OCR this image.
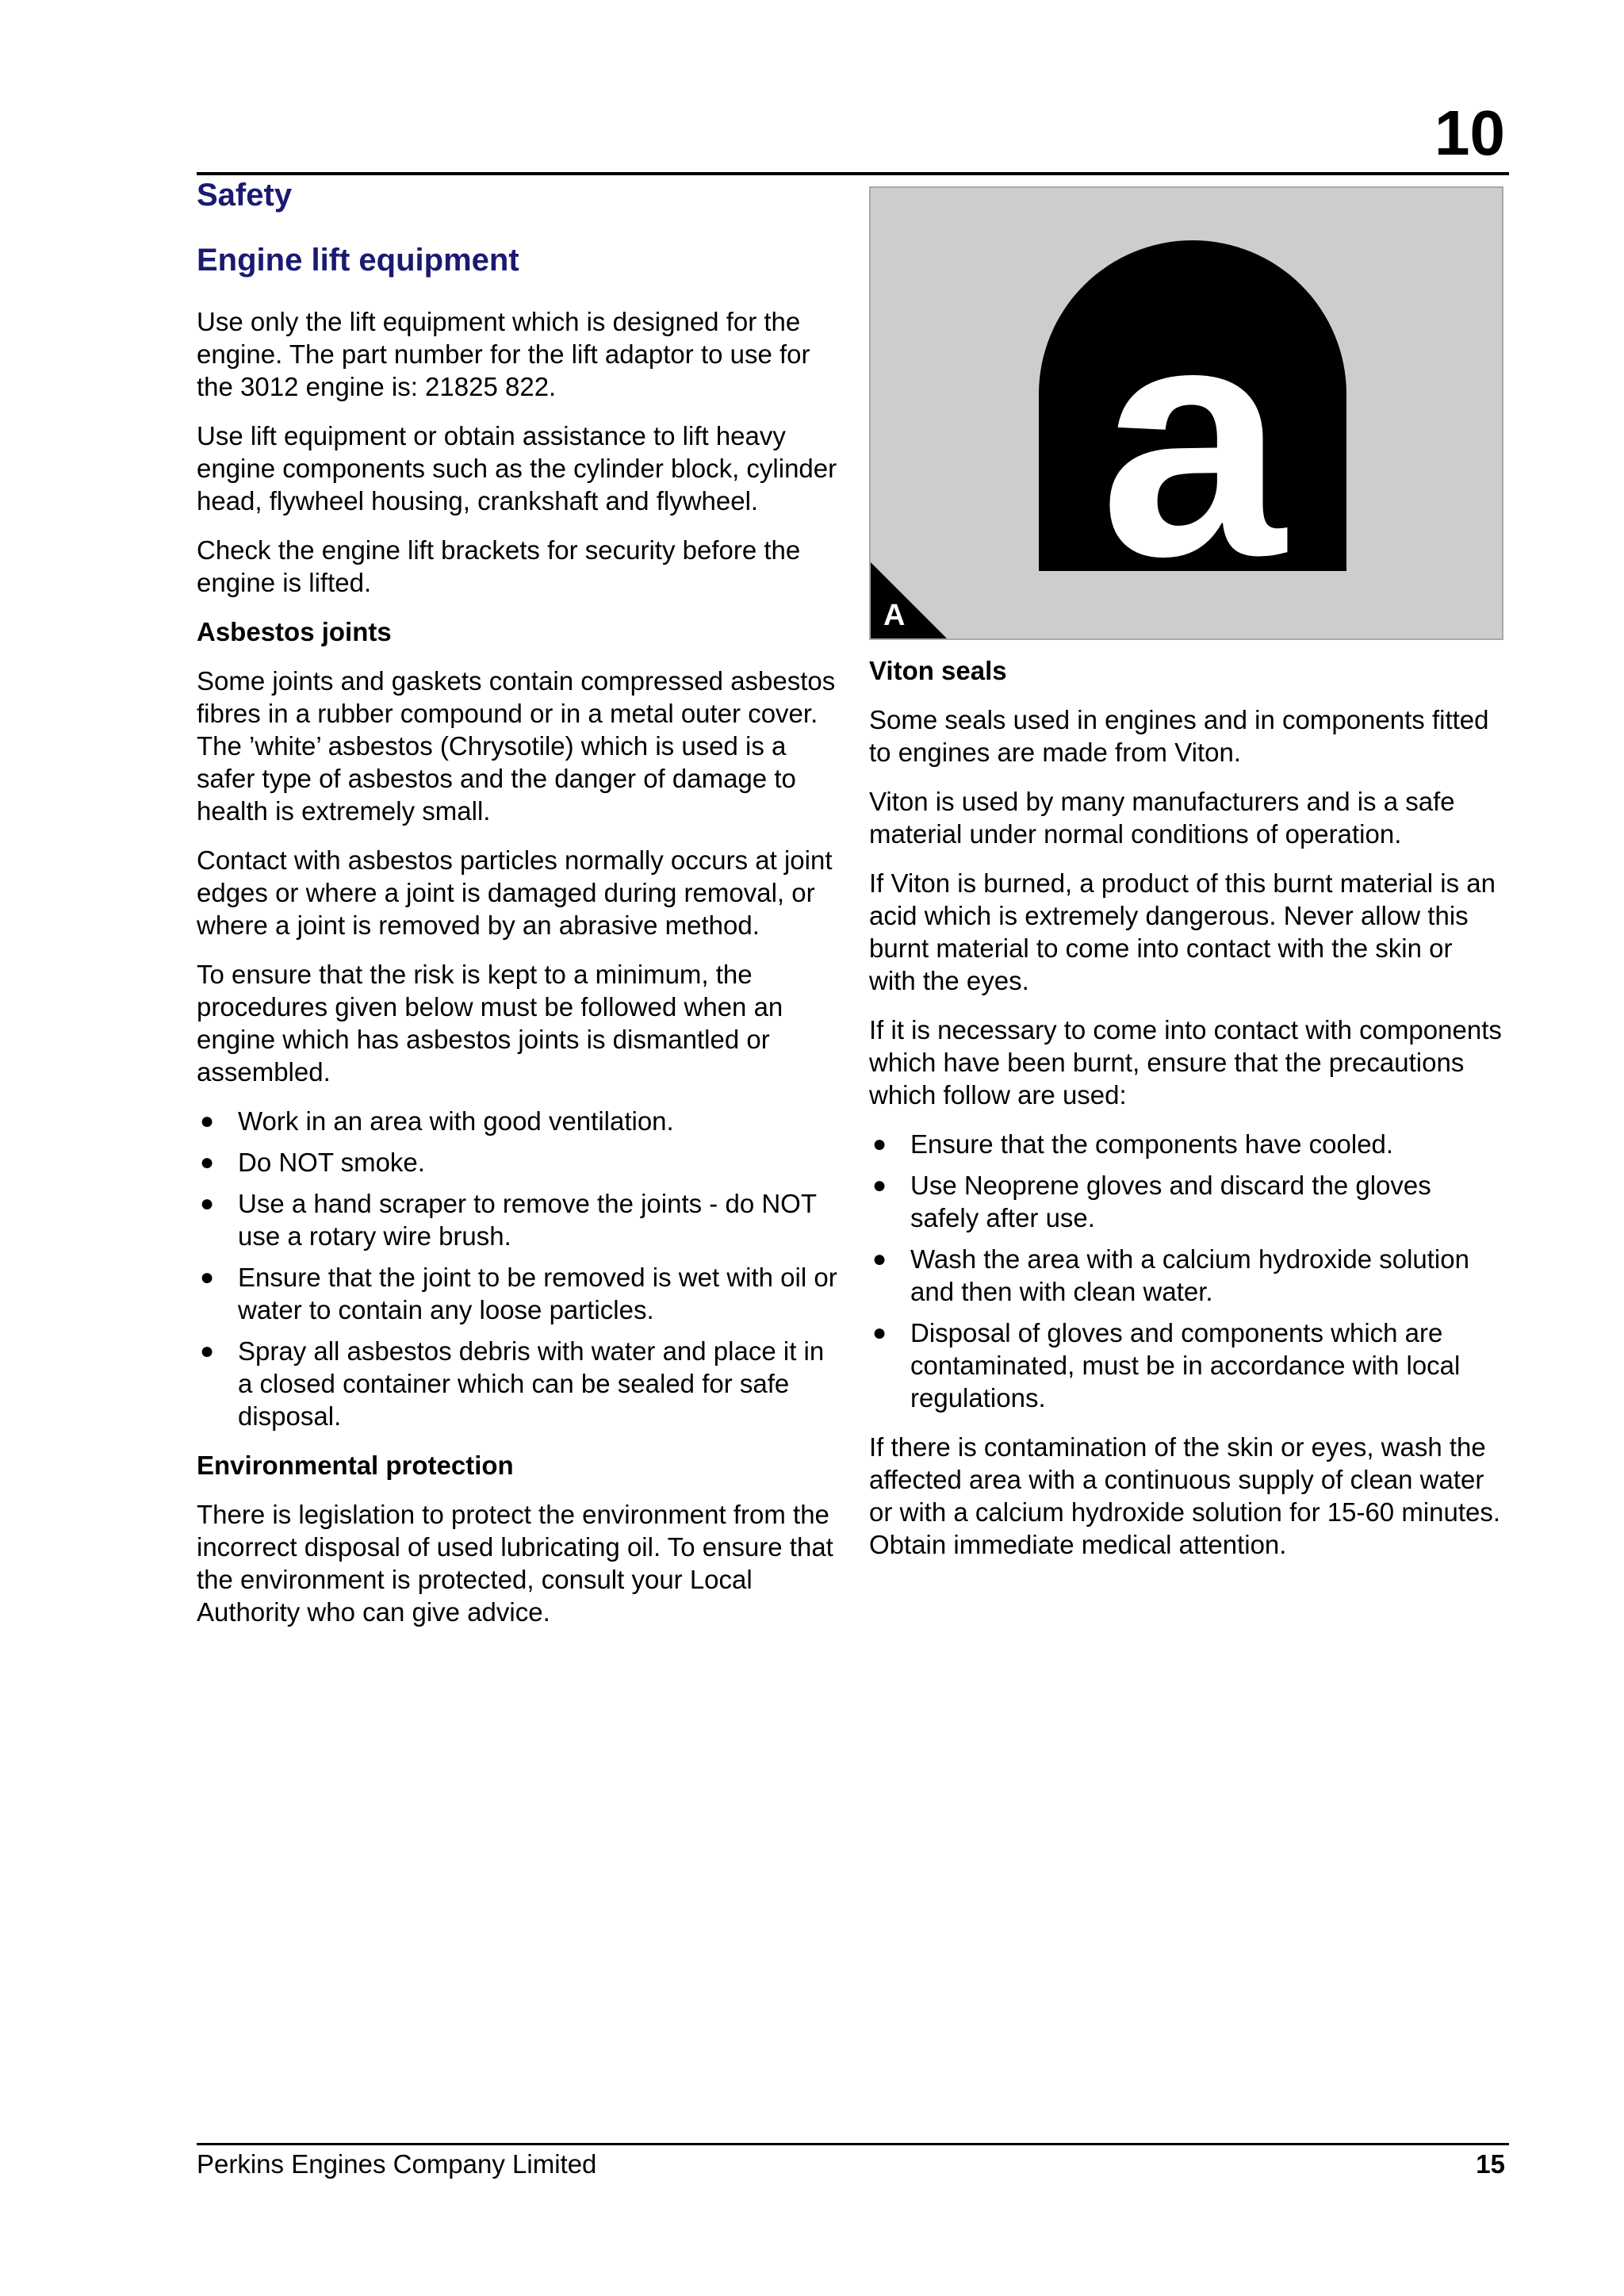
10
Safety
Engine lift equipment

Use only the lift equipment which is designed for the engine. The part number for the lift adaptor to use for the 3012 engine is: 21825 822.

Use lift equipment or obtain assistance to lift heavy engine components such as the cylinder block, cylinder head, flywheel housing, crankshaft and flywheel.

Check the engine lift brackets for security before the engine is lifted.

Asbestos joints

Some joints and gaskets contain compressed asbestos fibres in a rubber compound or in a metal outer cover. The ’white’ asbestos (Chrysotile) which is used is a safer type of asbestos and the danger of damage to health is extremely small.

Contact with asbestos particles normally occurs at joint edges or where a joint is damaged during removal, or where a joint is removed by an abrasive method.

To ensure that the risk is kept to a minimum, the procedures given below must be followed when an engine which has asbestos joints is dismantled or assembled.

● Work in an area with good ventilation.
● Do NOT smoke.
● Use a hand scraper to remove the joints - do NOT use a rotary wire brush.
● Ensure that the joint to be removed is wet with oil or water to contain any loose particles.
● Spray all asbestos debris with water and place it in a closed container which can be sealed for safe disposal.
Environmental protection

There is legislation to protect the environment from the incorrect disposal of used lubricating oil. To ensure that the environment is protected, consult your Local Authority who can give advice.

a
A
Viton seals

Some seals used in engines and in components fitted to engines are made from Viton.

Viton is used by many manufacturers and is a safe material under normal conditions of operation.

If Viton is burned, a product of this burnt material is an acid which is extremely dangerous. Never allow this burnt material to come into contact with the skin or with the eyes.

If it is necessary to come into contact with components which have been burnt, ensure that the precautions which follow are used:

● Ensure that the components have cooled.
● Use Neoprene gloves and discard the gloves safely after use.
● Wash the area with a calcium hydroxide solution and then with clean water.
● Disposal of gloves and components which are contaminated, must be in accordance with local regulations.

If there is contamination of the skin or eyes, wash the affected area with a continuous supply of clean water or with a calcium hydroxide solution for 15-60 minutes. Obtain immediate medical attention.

Perkins Engines Company Limited	15
